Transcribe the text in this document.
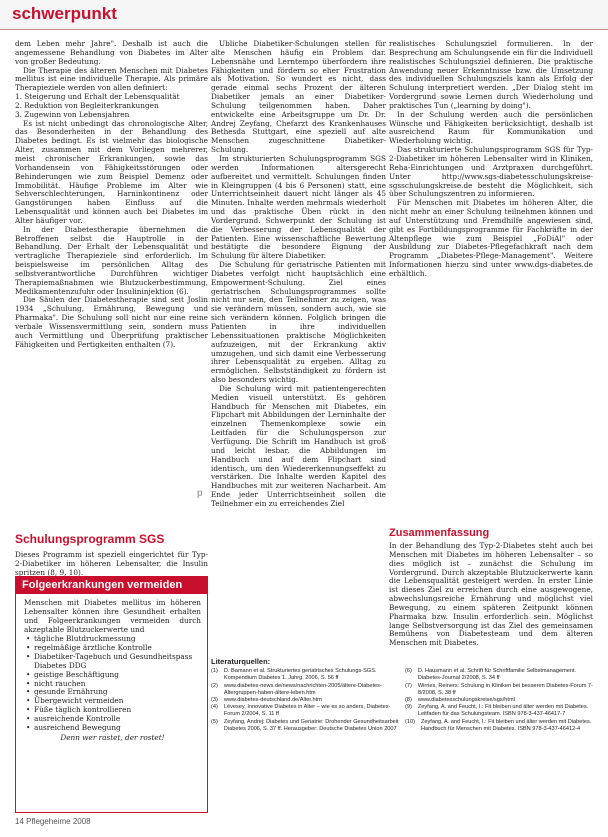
schwerpunkt

dem Leben mehr Jahre". Deshalb ist auch die angemessene Behandlung von Diabetes im Alter von großer Bedeutung.

Die Therapie des älteren Menschen mit Diabetes mellitus ist eine individuelle Therapie. Als primäre Therapieziele werden von allen definiert:

1. Steigerung und Erhalt der Lebensqualität
2. Reduktion von Begleiterkrankungen
3. Zugewinn von Lebensjahren

Es ist nicht unbedingt das chronologische Alter, das Besonderheiten in der Behandlung des Diabetes bedingt. Es ist vielmehr das biologische Alter, zusammen mit dem Vorliegen mehrerer, meist chronischer Erkrankungen, sowie das Vorhandensein von Fähigkeitsstörungen oder Behinderungen wie zum Beispiel Demenz oder Immobilität. Häufige Probleme im Alter wie Sehverschlechterungen, Harninkontinenz oder Gangstörungen haben Einfluss auf die Lebensqualität und können auch bei Diabetes im Alter häufiger vor.

In der Diabetestherapie übernehmen die Betroffenen selbst die Hauptrolle in der Behandlung. Der Erhalt der Lebensqualität und vertragliche Therapieziele sind erforderlich. Im beispielsweise im persönlichen Alltag des selbstverantwortliche Durchführen wichtiger Therapiemaßnahmen wie Blutzuckerbestimmung, Medikamentenzufuhr oder Insulininjektion (6).

Die Säulen der Diabetestherapie sind seit Joslin 1934 „Schulung, Ernährung, Bewegung und Pharmaka". Die Schulung soll nicht nur eine reine verbale Wissensvermittlung sein, sondern muss auch Vermittlung und Überprüfung praktischer Fähigkeiten und Fertigkeiten enthalten (7).

p
Schulungsprogramm SGS

Dieses Programm ist speziell eingerichtet für Typ-2-Diabetiker im höheren Lebensalter, die Insulin spritzen (8, 9, 10).

Folgeerkrankungen vermeiden

Menschen mit Diabetes mellitus im höheren Lebensalter können ihre Gesundheit erhalten und Folgeerkrankungen vermeiden durch akzeptable Blutzuckerwerte und

• tägliche Blutdruckmessung
• regelmäßige ärztliche Kontrolle
• Diabetiker-Tagebuch und Gesundheitspass Diabetes DDG
• geistige Beschäftigung
• nicht rauchen
• gesunde Ernährung
• Übergewicht vermeiden
• Füße täglich kontrollieren
• ausreichende Kontrolle
• ausreichend Bewegung

Denn wer rastet, der rostet!

Übliche Diabetiker-Schulungen stellen für alte Menschen häufig ein Problem dar. Lebensnähe und Lerntempo überfordern ihre Fähigkeiten und fördern so eher Frustration als Motivation. So wundert es nicht, dass gerade einmal sechs Prozent der älteren Diabetiker jemals an einer Diabetiker-Schulung teilgenommen haben. Daher entwickelte eine Arbeitsgruppe um Dr. Dr. Andrej Zeyfang, Chefarzt des Krankenhauses Bethesda Stuttgart, eine speziell auf alte Menschen zugeschnittene Diabetiker-Schulung.

Im strukturierten Schulungsprogramm SGS werden Informationen altersgerecht aufbereitet und vermittelt. Schulungen finden in Kleingruppen (4 bis 6 Personen) statt, eine Unterrichtseinheit dauert nicht länger als 45 Minuten. Inhalte werden mehrmals wiederholt und das praktische Üben rückt in den Vordergrund. Schwerpunkt der Schulung ist die Verbesserung der Lebensqualität der Patienten. Eine wissenschaftliche Bewertung bestätigte die besondere Eignung der Schulung für ältere Diabetiker.

Die Schulung für geriatrische Patienten mit Diabetes verfolgt nicht hauptsächlich eine Empowerment-Schulung. Ziel eines geriatrischen Schulungsprogrammes sollte nicht nur sein, den Teilnehmer zu zeigen, was sie verändern müssen, sondern auch, wie sie sich verändern können. Folglich bringen die Patienten in ihre individuellen Lebenssituationen praktische Möglichkeiten aufzuzeigen, mit der Erkrankung aktiv umzugehen, und sich damit eine Verbesserung ihrer Lebensqualität zu ergeben. Alltag zu ermöglichen. Selbstständigkeit zu fördern ist also besonders wichtig.

Die Schulung wird mit patientengerechten Medien visuell unterstützt. Es gehören Handbuch für Menschen mit Diabetes, ein Flipchart mit Abbildungen der Lerninhalte der einzelnen Themenkomplexe sowie ein Leitfaden für die Schulungsperson zur Verfügung. Die Schrift im Handbuch ist groß und leicht lesbar, die Abbildungen im Handbuch und auf dem Flipchart sind identisch, um den Wiedererkennungseffekt zu verstärken. Die Inhalte werden Kapitel des Handbuches mit zur weiteren Nacharbeit. Am Ende jeder Unterrichtseinheit sollen die Teilnehmer ein zu erreichendes Ziel

realistisches Schulungsziel formulieren. In der Besprechung am Schulungsende ein für die Individuell realistisches Schulungsziel definieren. Die praktische Anwendung neuer Erkenntnisse bzw. die Umsetzung des individuellen Schulungsziels kann als Erfolg der Schulung interpretiert werden. „Der Dialog steht im Vordergrund sowie Lernen durch Wiederholung und praktisches Tun („learning by doing").

In der Schulung werden auch die persönlichen Wünsche und Fähigkeiten berücksichtigt, deshalb ist ausreichend Raum für Kommunikation und Wiederholung wichtig.

Das strukturierte Schulungsprogramm SGS für Typ-2-Diabetiker im höheren Lebensalter wird in Kliniken, Reha-Einrichtungen und Arztpraxen durchgeführt. Unter http://www.sgs-diabetesschulungskreise-sgsschulungskreise.de besteht die Möglichkeit, sich über Schulungszentren zu informieren.

Für Menschen mit Diabetes im höheren Alter, die nicht mehr an einer Schulung teilnehmen können und auf Unterstützung und Fremdhilfe angewiesen sind, gibt es Fortbildungsprogramme für Fachkräfte in der Altenpflege wie zum Beispiel „FoDiAl" oder Ausbildung zur Diabetes-Pflegefachkraft nach dem Programm „Diabetes-Pflege-Management". Weitere Informationen hierzu sind unter www.dgs-diabetes.de erhältlich.

Zusammenfassung

In der Behandlung des Typ-2-Diabetes steht auch bei Menschen mit Diabetes im höheren Lebensalter – so dies möglich ist – zunächst die Schulung im Vordergrund. Durch akzeptable Blutzuckerwerte kann die Lebensqualität gesteigert werden. In erster Linie ist dieses Ziel zu erreichen durch eine ausgewogene, abwechslungsreiche Ernährung und möglichst viel Bewegung, zu einem späteren Zeitpunkt können Pharmaka bzw. Insulin erforderlich sein. Möglichst lange Selbstversorgung ist das Ziel des gemeinsamen Bemühens von Diabetesteam und dem älteren Menschen mit Diabetes.

Literaturquellen:
(1) D. Bamann et al. Strukturiertes geriatrisches Schulungs-SGS. Kompendium Diabetes 1. Jahrg. 2006, S. 56 ff
(2) www.diabetes-news.de/news/nachrichten-2005/ältere-Diabetes-Altergruppen-haben-ältere-leben.htm
(3) www.diabetes-deutschland.de/Alter.htm
(4) Lévesey, Innovative Diabetes in Alter – wie es so anders, Diabetes-Forum 2/2004, S. 11 ff
(5) Zeyfang, Andrej: Diabetes und Geriatrie: Drohender Gesundheitsarbeit Diabetes 2006, S. 37 ff. Herausgeber: Deutsche Diabetes Union 2007
(6) D. Hausmann et al. Schrift für Schriftfamilie Selbstmanagement. Diabetes-Journal 2/2008, S. 34 ff
(7) Wirries, Reiners: Schulung in Kliniken bei besseren Diabetes-Forum 7-8/2008, S. 38 ff
(8) www.diabetesschulungskreise/sgs/html
(9) Zeyfang, A. and Feucht, I.: Fit bleiben und älter werden mit Diabetes. Leitfaden für das Schulungsteam. ISBN 978-3-437-46417-7
(10) Zeyfang, A. and Feucht, I.: Fit bleiben und älter werden mit Diabetes. Handbuch für Menschen mit Diabetes. ISBN 978-3-437-46412-4
14 Pflegeheime 2008
